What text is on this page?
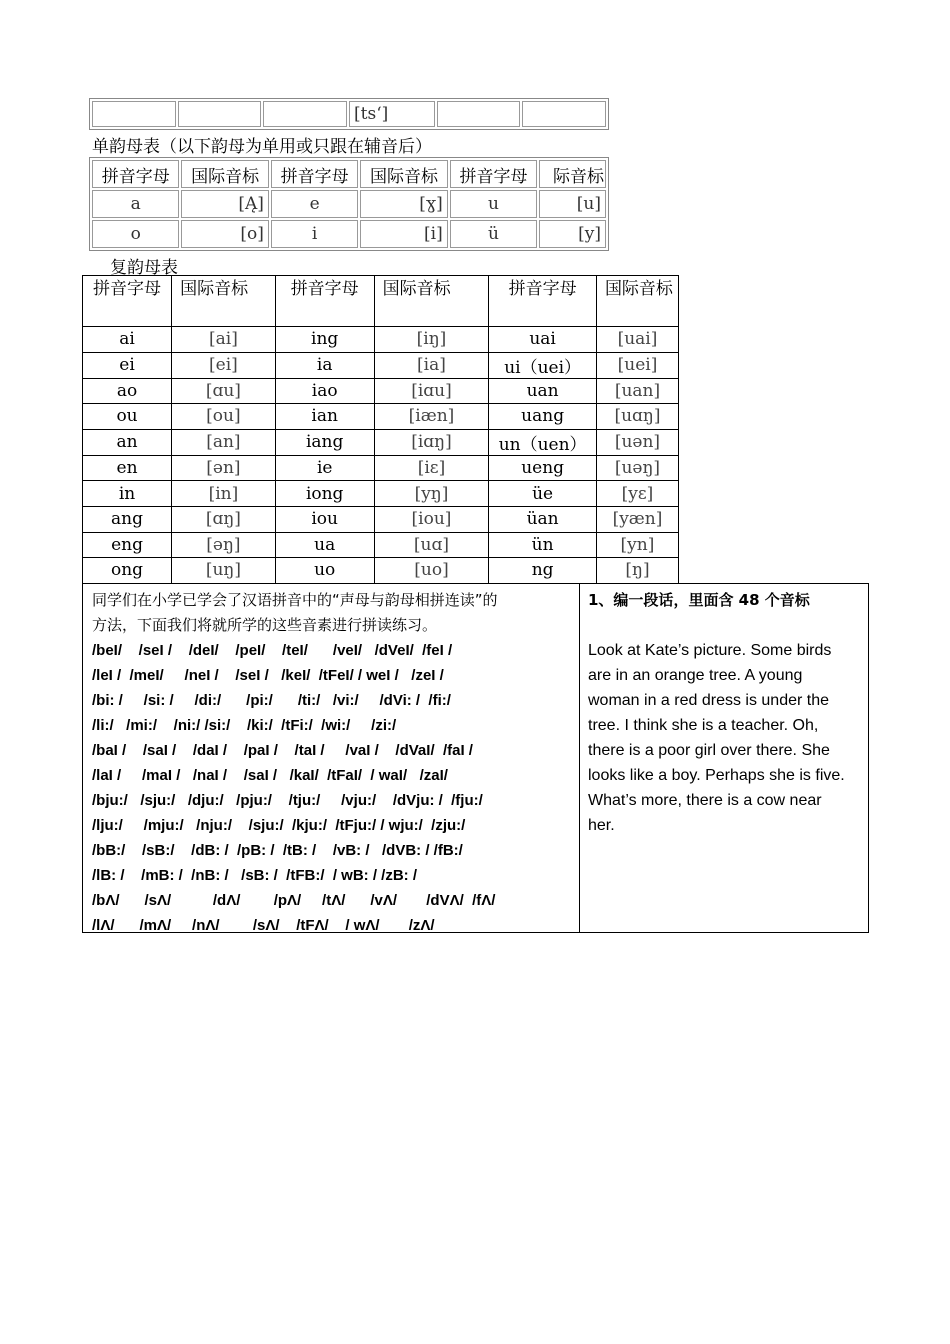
			[ts‘]		
单韵母表（以下韵母为单用或只跟在辅音后）
拼音字母	国际音标	拼音字母	国际音标	拼音字母	际音标
a	[Ą]	e	[ɣ]	u	[u]
o	[o]	i	[i]	ü	[y]
复韵母表
拼音字母	国际音标	拼音字母	国际音标	拼音字母	国际音标
ai	[ai]	ing	[iŋ]	uai	[uai]
ei	[ei]	ia	[ia]	ui（uei）	[uei]
ao	[ɑu]	iao	[iɑu]	uan	[uan]
ou	[ou]	ian	[iæn]	uang	[uɑŋ]
an	[an]	iang	[iɑŋ]	un（uen）	[uən]
en	[ən]	ie	[iɛ]	ueng	[uəŋ]
in	[in]	iong	[yŋ]	üe	[yɛ]
ang	[ɑŋ]	iou	[iou]	üan	[yæn]
eng	[əŋ]	ua	[uɑ]	ün	[yn]
ong	[uŋ]	uo	[uo]	ng	[ŋ]

同学们在小学已学会了汉语拼音中的“声母与韵母相拼连读”的

方法，下面我们将就所学的这些音素进行拼读练习。

/beI/    /seI /    /deI/    /peI/    /teI/      /veI/   /dVeI/  /feI /

/leI /  /meI/     /neI /    /seI /   /keI/  /tFeI/ / weI /   /zeI /

/bi: /     /si: /     /di:/      /pi:/      /ti:/   /vi:/     /dVi: /  /fi:/

/li:/   /mi:/    /ni:/ /si:/    /ki:/  /tFi:/  /wi:/     /zi:/

/baI /    /saI /    /daI /    /paI /    /taI /     /vaI /    /dVaI/  /faI /

/laI /     /maI /   /naI /    /saI /   /kaI/  /tFaI/  / waI/   /zaI/

/bju:/   /sju:/   /dju:/   /pju:/    /tju:/     /vju:/    /dVju: /  /fju:/

/lju:/     /mju:/   /nju:/    /sju:/  /kju:/  /tFju:/ / wju:/  /zju:/

/bB:/    /sB:/    /dB: /  /pB: /  /tB: /    /vB: /   /dVB: / /fB:/

/lB: /    /mB: /  /nB: /   /sB: /  /tFB:/  / wB: / /zB: /

/bΛ/      /sΛ/          /dΛ/        /pΛ/     /tΛ/      /vΛ/       /dVΛ/  /fΛ/

/lΛ/      /mΛ/     /nΛ/        /sΛ/    /tFΛ/    / wΛ/       /zΛ/

1、编一段话，里面含 48 个音标

Look at Kate’s picture. Some birds
are in an orange tree. A young
woman in a red dress is under the
tree. I think she is a teacher. Oh,
there is a poor girl over there. She
looks like a boy. Perhaps she is five.
What’s more, there is a cow near
her.
